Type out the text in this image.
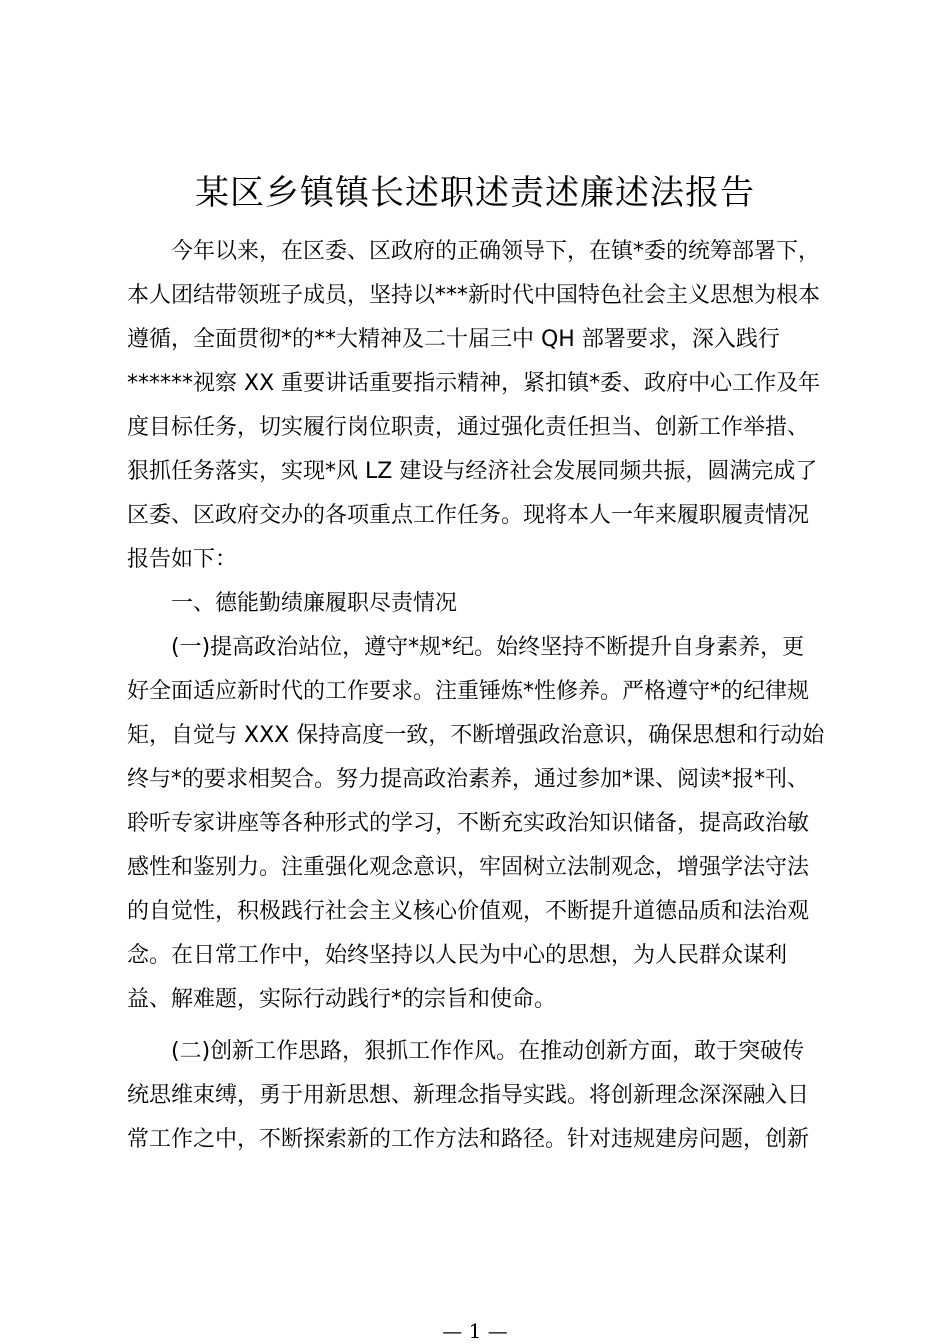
某区乡镇镇长述职述责述廉述法报告
今年以来，在区委、区政府的正确领导下，在镇*委的统筹部署下，
本人团结带领班子成员，坚持以***新时代中国特色社会主义思想为根本
遵循，全面贯彻*的**大精神及二十届三中 QH 部署要求，深入践行
******视察 XX 重要讲话重要指示精神，紧扣镇*委、政府中心工作及年
度目标任务，切实履行岗位职责，通过强化责任担当、创新工作举措、
狠抓任务落实，实现*风 LZ 建设与经济社会发展同频共振，圆满完成了
区委、区政府交办的各项重点工作任务。现将本人一年来履职履责情况
报告如下：
一、德能勤绩廉履职尽责情况
(一)提高政治站位，遵守*规*纪。始终坚持不断提升自身素养，更
好全面适应新时代的工作要求。注重锤炼*性修养。严格遵守*的纪律规
矩，自觉与 XXX 保持高度一致，不断增强政治意识，确保思想和行动始
终与*的要求相契合。努力提高政治素养，通过参加*课、阅读*报*刊、
聆听专家讲座等各种形式的学习，不断充实政治知识储备，提高政治敏
感性和鉴别力。注重强化观念意识，牢固树立法制观念，增强学法守法
的自觉性，积极践行社会主义核心价值观，不断提升道德品质和法治观
念。在日常工作中，始终坚持以人民为中心的思想，为人民群众谋利
益、解难题，实际行动践行*的宗旨和使命。
(二)创新工作思路，狠抓工作作风。在推动创新方面，敢于突破传
统思维束缚，勇于用新思想、新理念指导实践。将创新理念深深融入日
常工作之中，不断探索新的工作方法和路径。针对违规建房问题，创新
— 1 —
